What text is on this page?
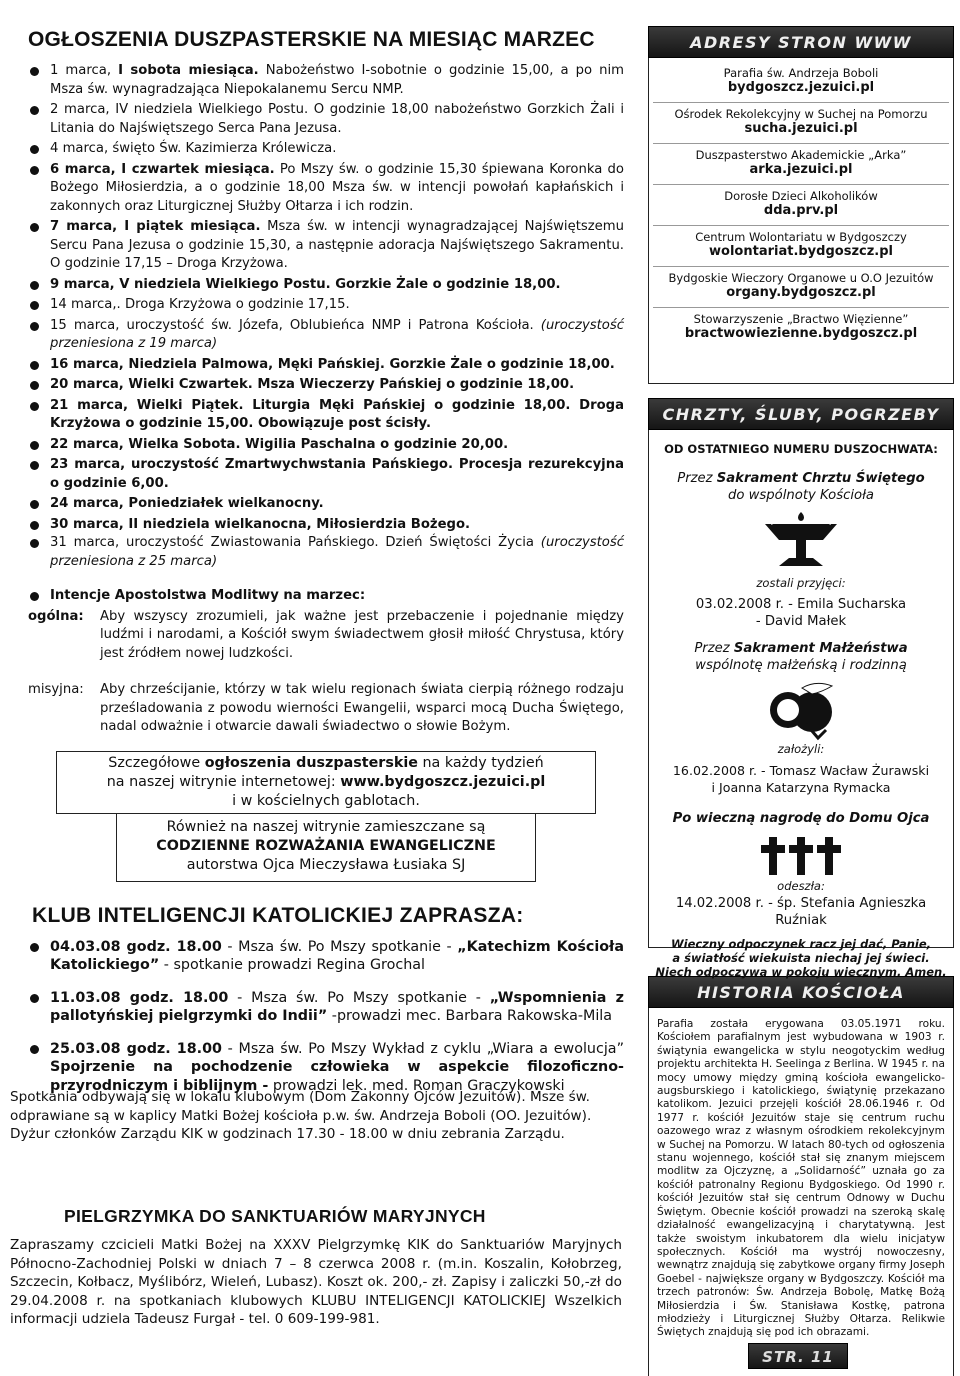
OGŁOSZENIA DUSZPASTERSKIE NA MIESIĄC MARZEC
1 marca, I sobota miesiąca. Nabożeństwo I-sobotnie o godzinie 15,00, a po nim Msza św. wynagradzająca Niepokalanemu Sercu NMP.
2 marca, IV niedziela Wielkiego Postu. O godzinie 18,00 nabożeństwo Gorzkich Żali i Litania do Najświętszego Serca Pana Jezusa.
4 marca, święto Św. Kazimierza Królewicza.
6 marca, I czwartek miesiąca. Po Mszy św. o godzinie 15,30 śpiewana Koronka do Bożego Miłosierdzia, a o godzinie 18,00 Msza św. w intencji powołań kapłańskich i zakonnych oraz Liturgicznej Służby Ołtarza i ich rodzin.
7 marca, I piątek miesiąca. Msza św. w intencji wynagradzającej Najświętszemu Sercu Pana Jezusa o godzinie 15,30, a następnie adoracja Najświętszego Sakramentu. O godzinie 17,15 – Droga Krzyżowa.
9 marca, V niedziela Wielkiego Postu. Gorzkie Żale o godzinie 18,00.
14 marca,. Droga Krzyżowa o godzinie 17,15.
15 marca, uroczystość św. Józefa, Oblubieńca NMP i Patrona Kościoła. (uroczystość przeniesiona z 19 marca)
16 marca, Niedziela Palmowa, Męki Pańskiej. Gorzkie Żale o godzinie 18,00.
20 marca, Wielki Czwartek. Msza Wieczerzy Pańskiej o godzinie 18,00.
21 marca, Wielki Piątek. Liturgia Męki Pańskiej o godzinie 18,00. Droga Krzyżowa o godzinie 15,00. Obowiązuje post ścisły.
22 marca, Wielka Sobota. Wigilia Paschalna o godzinie 20,00.
23 marca, uroczystość Zmartwychwstania Pańskiego. Procesja rezurekcyjna o godzinie 6,00.
24 marca, Poniedziałek wielkanocny.
30 marca, II niedziela wielkanocna, Miłosierdzia Bożego.
31 marca, uroczystość Zwiastowania Pańskiego. Dzień Świętości Życia (uroczystość przeniesiona z 25 marca)
Intencje Apostolstwa Modlitwy na marzec:
ogólna:	Aby wszyscy zrozumieli, jak ważne jest przebaczenie i pojednanie między ludźmi i narodami, a Kościół swym świadectwem głosił miłość Chrystusa, który jest źródłem nowej ludzkości.
misyjna:	Aby chrześcijanie, którzy w tak wielu regionach świata cierpią różnego rodzaju prześladowania z powodu wierności Ewangelii, wsparci mocą Ducha Świętego, nadal odważnie i otwarcie dawali świadectwo o słowie Bożym.
Szczegółowe ogłoszenia duszpasterskie na każdy tydzień
na naszej witrynie internetowej: www.bydgoszcz.jezuici.pl
i w kościelnych gablotach.
Również na naszej witrynie zamieszczane są
CODZIENNE ROZWAŻANIA EWANGELICZNE
autorstwa Ojca Mieczysława Łusiaka SJ
KLUB INTELIGENCJI KATOLICKIEJ ZAPRASZA:
04.03.08 godz. 18.00 - Msza św. Po Mszy spotkanie - „Katechizm Kościoła Katolickiego” - spotkanie prowadzi Regina Grochal
11.03.08 godz. 18.00 - Msza św. Po Mszy spotkanie - „Wspomnienia z pallotyńskiej pielgrzymki do Indii” -prowadzi mec. Barbara Rakowska-Mila
25.03.08 godz. 18.00 - Msza św. Po Mszy Wykład z cyklu „Wiara a ewolucja” Spojrzenie na pochodzenie człowieka w aspekcie filozoficzno-przyrodniczym i biblijnym - prowadzi lek. med. Roman Graczykowski
Spotkania odbywają się w lokalu klubowym (Dom Zakonny Ojców Jezuitów). Msze św. odprawiane są w kaplicy Matki Bożej kościoła p.w. św. Andrzeja Boboli (OO. Jezuitów). Dyżur członków Zarządu KIK w godzinach 17.30 - 18.00 w dniu zebrania Zarządu.
PIELGRZYMKA DO SANKTUARIÓW MARYJNYCH
Zapraszamy czcicieli Matki Bożej na XXXV Pielgrzymkę KIK do Sanktuariów Maryjnych Północno-Zachodniej Polski w dniach 7 – 8 czerwca 2008 r. (m.in. Koszalin, Kołobrzeg, Szczecin, Kołbacz, Myślibórz, Wieleń, Lubasz). Koszt ok. 200,- zł. Zapisy i zaliczki 50,-zł do 29.04.2008 r. na spotkaniach klubowych KLUBU INTELIGENCJI KATOLICKIEJ Wszelkich informacji udziela Tadeusz Furgał - tel. 0 609-199-981.
ADRESY STRON WWW
Parafia św. Andrzeja Boboli
bydgoszcz.jezuici.pl
Ośrodek Rekolekcyjny w Suchej na Pomorzu
sucha.jezuici.pl
Duszpasterstwo Akademickie „Arka”
arka.jezuici.pl
Dorosłe Dzieci Alkoholików
dda.prv.pl
Centrum Wolontariatu w Bydgoszczy
wolontariat.bydgoszcz.pl
Bydgoskie Wieczory Organowe u O.O Jezuitów
organy.bydgoszcz.pl
Stowarzyszenie „Bractwo Więzienne”
bractwowiezienne.bydgoszcz.pl
CHRZTY, ŚLUBY, POGRZEBY
OD OSTATNIEGO NUMERU DUSZOCHWATA:
Przez Sakrament Chrztu Świętego
do wspólnoty Kościoła
zostali przyjęci:
03.02.2008 r. - Emila Sucharska
- David Małek
Przez Sakrament Małżeństwa
wspólnotę małżeńską i rodzinną
założyli:
16.02.2008 r. - Tomasz Wacław Żurawski
i Joanna Katarzyna Rymacka
Po wieczną nagrodę do Domu Ojca
odeszła:
14.02.2008 r. - śp. Stefania Agnieszka
Ruźniak
Wieczny odpoczynek racz jej dać, Panie,
a światłość wiekuista niechaj jej świeci.
Niech odpoczywa w pokoju wiecznym. Amen.
HISTORIA KOŚCIOŁA
Parafia została erygowana 03.05.1971 roku. Kościołem parafialnym jest wybudowana w 1903 r. świątynia ewangelicka w stylu neogotyckim według projektu architekta H. Seelinga z Berlina. W 1945 r. na mocy umowy między gminą kościoła ewangelicko-augsburskiego i katolickiego, świątynię przekazano katolikom. Jezuici przejęli kościół 28.06.1946 r. Od 1977 r. kościół Jezuitów staje się centrum ruchu oazowego wraz z własnym ośrodkiem rekolekcyjnym w Suchej na Pomorzu. W latach 80-tych od ogłoszenia stanu wojennego, kościół stał się znanym miejscem modlitw za Ojczyznę, a „Solidarność” uznała go za kościół patronalny Regionu Bydgoskiego. Od 1990 r. kościół Jezuitów stał się centrum Odnowy w Duchu Świętym. Obecnie kościół prowadzi na szeroką skalę działalność ewangelizacyjną i charytatywną. Jest także swoistym inkubatorem dla wielu inicjatyw społecznych. Kościół ma wystrój nowoczesny, wewnątrz znajdują się zabytkowe organy firmy Joseph Goebel - największe organy w Bydgoszczy. Kościół ma trzech patronów: Św. Andrzeja Bobolę, Matkę Bożą Miłosierdzia i Św. Stanisława Kostkę, patrona młodzieży i Liturgicznej Służby Ołtarza. Relikwie Świętych znajdują się pod ich obrazami.
STR. 11
